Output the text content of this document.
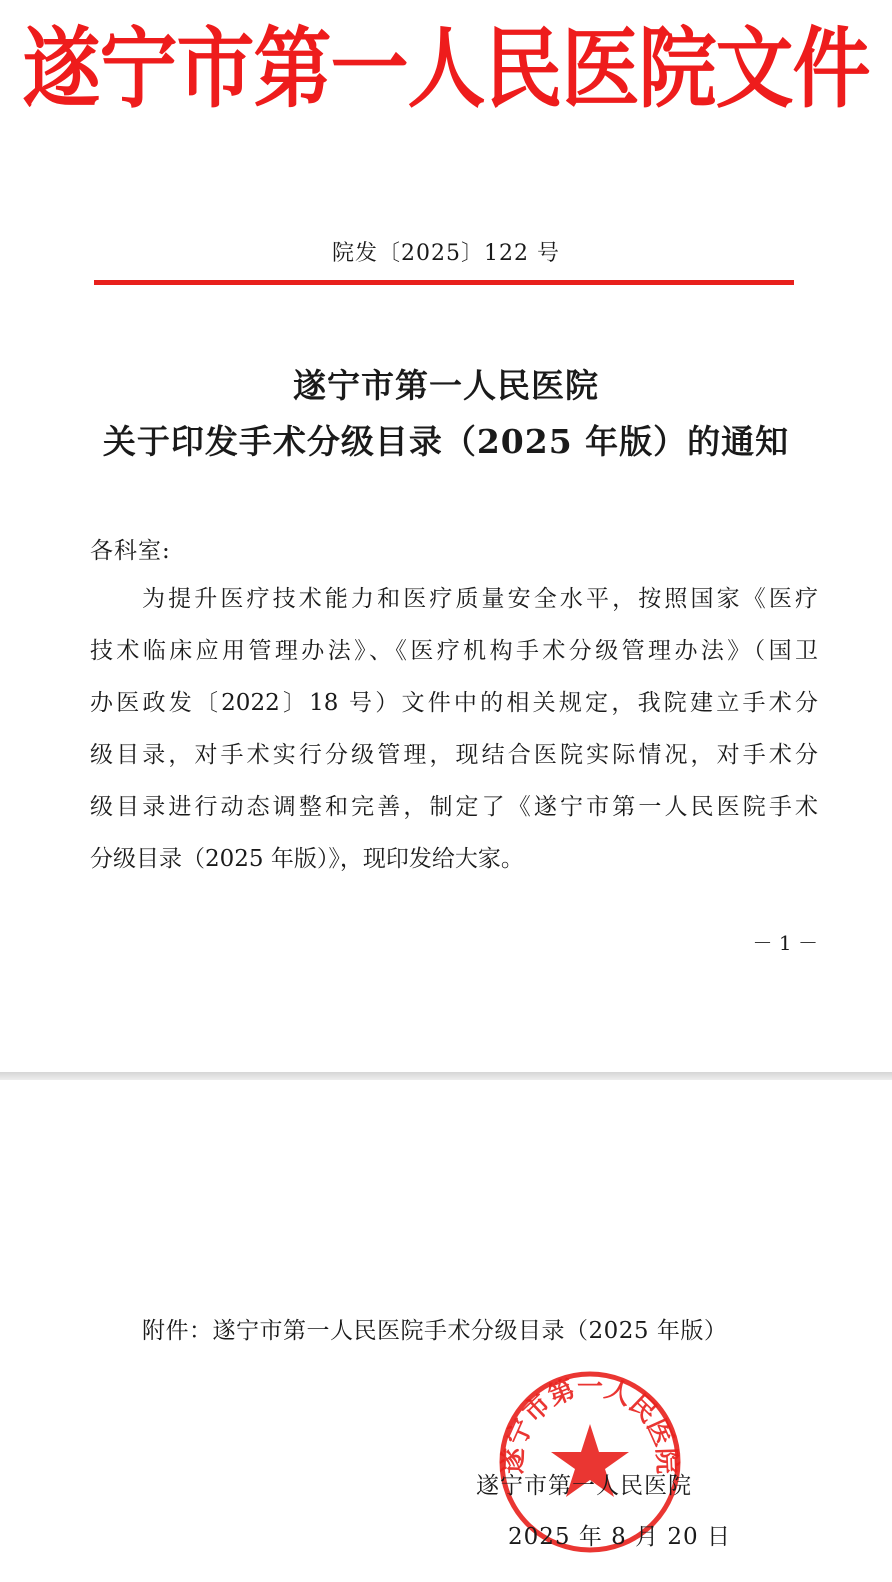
遂宁市第一人民医院文件
院发〔2025〕122 号
遂宁市第一人民医院
关于印发手术分级目录（2025 年版）的通知
各科室:
为提升医疗技术能力和医疗质量安全水平，按照国家《医疗
技术临床应用管理办法》、《医疗机构手术分级管理办法》（国卫
办医政发〔2022〕18 号）文件中的相关规定，我院建立手术分
级目录，对手术实行分级管理，现结合医院实际情况，对手术分
级目录进行动态调整和完善，制定了《遂宁市第一人民医院手术
分级目录（2025 年版）》，现印发给大家。
－ 1 －
附件：遂宁市第一人民医院手术分级目录（2025 年版）
遂宁市第一人民医院
遂宁市第一人民医院
2025 年 8 月 20 日
